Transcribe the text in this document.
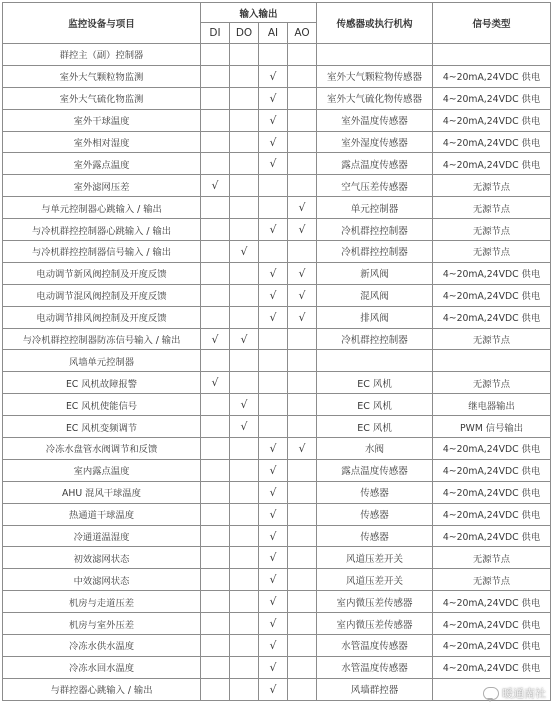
监控设备与项目	输入输出				传感器或执行机构	信号类型
	DI	DO	AI	AO		
群控主（副）控制器						
室外大气颗粒物监测			√		室外大气颗粒物传感器	4~20mA,24VDC 供电
室外大气硫化物监测			√		室外大气硫化物传感器	4~20mA,24VDC 供电
室外干球温度			√		室外温度传感器	4~20mA,24VDC 供电
室外相对湿度			√		室外湿度传感器	4~20mA,24VDC 供电
室外露点温度			√		露点温度传感器	4~20mA,24VDC 供电
室外滤网压差	√				空气压差传感器	无源节点
与单元控制器心跳输入 / 输出				√	单元控制器	无源节点
与冷机群控控制器心跳输入 / 输出			√	√	冷机群控控制器	无源节点
与冷机群控控制器信号输入 / 输出		√			冷机群控控制器	无源节点
电动调节新风阀控制及开度反馈			√	√	新风阀	4~20mA,24VDC 供电
电动调节混风阀控制及开度反馈			√	√	混风阀	4~20mA,24VDC 供电
电动调节排风阀控制及开度反馈			√	√	排风阀	4~20mA,24VDC 供电
与冷机群控控制器防冻信号输入 / 输出	√	√			冷机群控控制器	无源节点
风墙单元控制器						
EC 风机故障报警	√				EC 风机	无源节点
EC 风机使能信号		√			EC 风机	继电器输出
EC 风机变频调节		√			EC 风机	PWM 信号输出
冷冻水盘管水阀调节和反馈			√	√	水阀	4~20mA,24VDC 供电
室内露点温度			√		露点温度传感器	4~20mA,24VDC 供电
AHU 混风干球温度			√		传感器	4~20mA,24VDC 供电
热通道干球温度			√		传感器	4~20mA,24VDC 供电
冷通道温湿度			√		传感器	4~20mA,24VDC 供电
初效滤网状态			√		风道压差开关	无源节点
中效滤网状态			√		风道压差开关	无源节点
机房与走道压差			√		室内微压差传感器	4~20mA,24VDC 供电
机房与室外压差			√		室内微压差传感器	4~20mA,24VDC 供电
冷冻水供水温度			√		水管温度传感器	4~20mA,24VDC 供电
冷冻水回水温度			√		水管温度传感器	4~20mA,24VDC 供电
与群控器心跳输入 / 输出			√		风墙群控器		暖通南社
